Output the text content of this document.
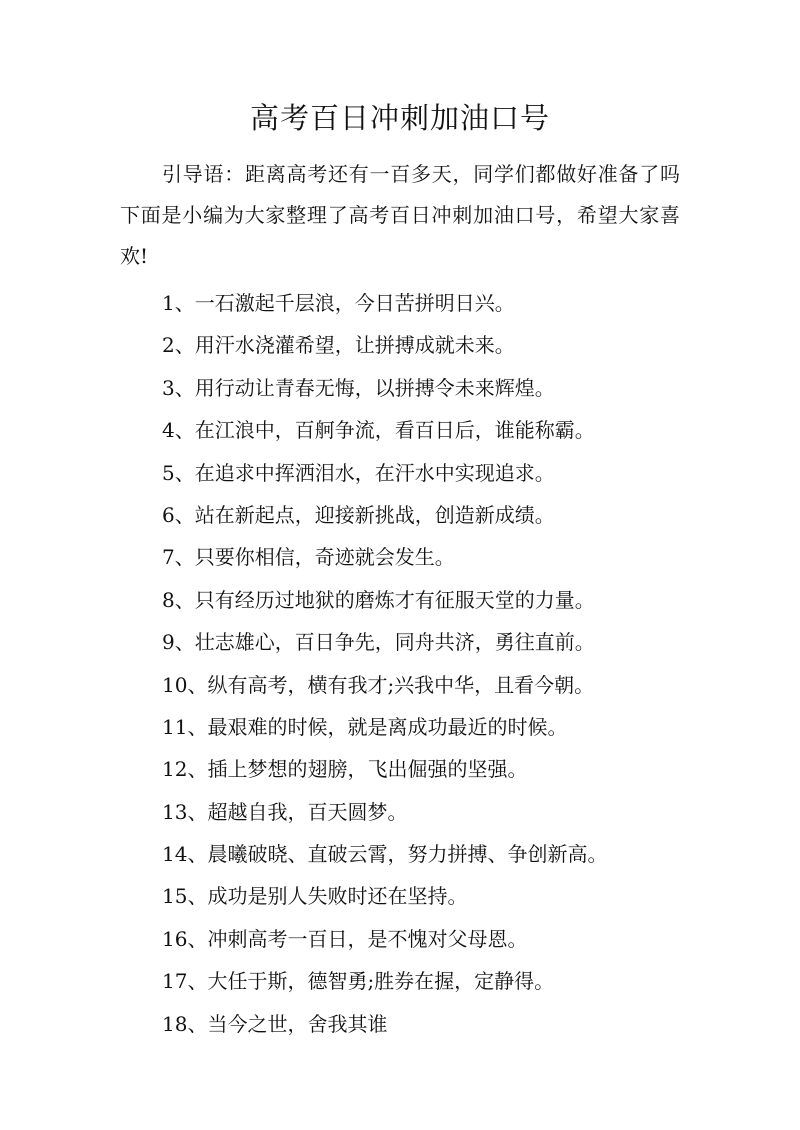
高考百日冲刺加油口号

引导语：距离高考还有一百多天，同学们都做好准备了吗下面是小编为大家整理了高考百日冲刺加油口号，希望大家喜欢!

1、一石激起千层浪，今日苦拼明日兴。
2、用汗水浇灌希望，让拼搏成就未来。
3、用行动让青春无悔，以拼搏令未来辉煌。
4、在江浪中，百舸争流，看百日后，谁能称霸。
5、在追求中挥洒泪水，在汗水中实现追求。
6、站在新起点，迎接新挑战，创造新成绩。
7、只要你相信，奇迹就会发生。
8、只有经历过地狱的磨炼才有征服天堂的力量。
9、壮志雄心，百日争先，同舟共济，勇往直前。
10、纵有高考，横有我才;兴我中华，且看今朝。
11、最艰难的时候，就是离成功最近的时候。
12、插上梦想的翅膀，飞出倔强的坚强。
13、超越自我，百天圆梦。
14、晨曦破晓、直破云霄，努力拼搏、争创新高。
15、成功是别人失败时还在坚持。
16、冲刺高考一百日，是不愧对父母恩。
17、大任于斯，德智勇;胜券在握，定静得。
18、当今之世，舍我其谁
